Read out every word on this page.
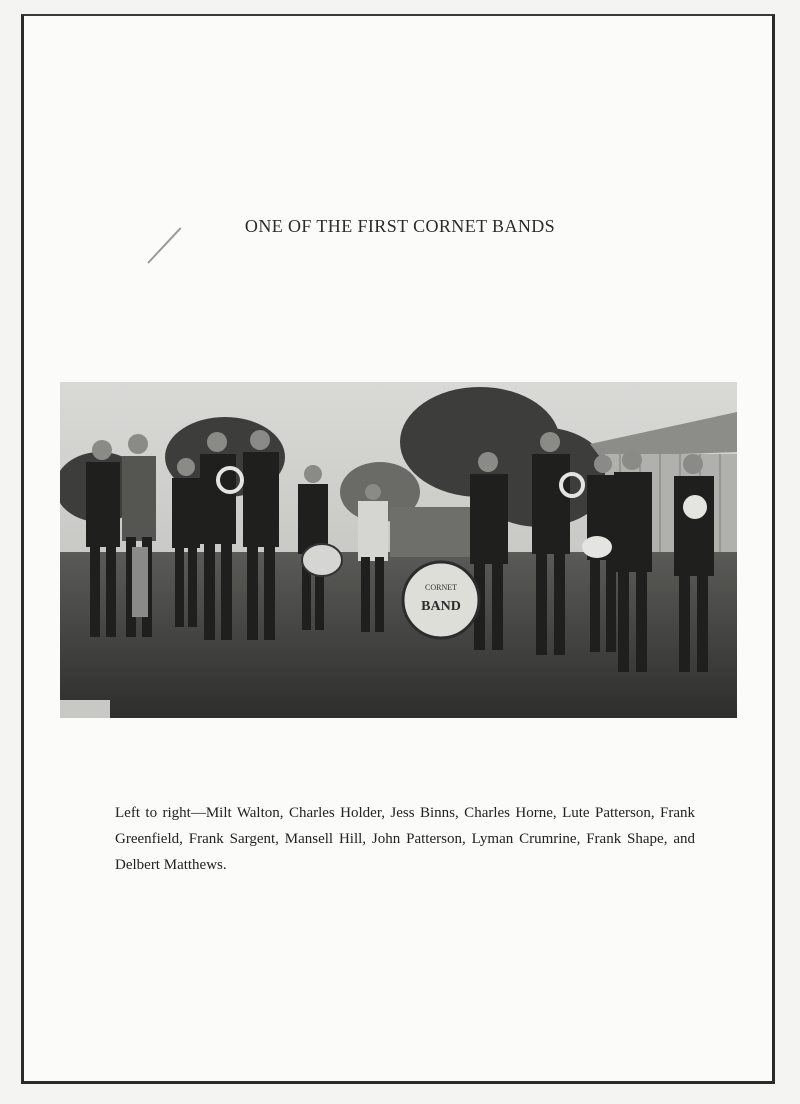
ONE OF THE FIRST CORNET BANDS
CORNET
BAND
Left to right—Milt Walton, Charles Holder, Jess Binns, Charles Horne, Lute Patterson, Frank Greenfield, Frank Sargent, Mansell Hill, John Patterson, Lyman Crumrine, Frank Shape, and Delbert Matthews.
